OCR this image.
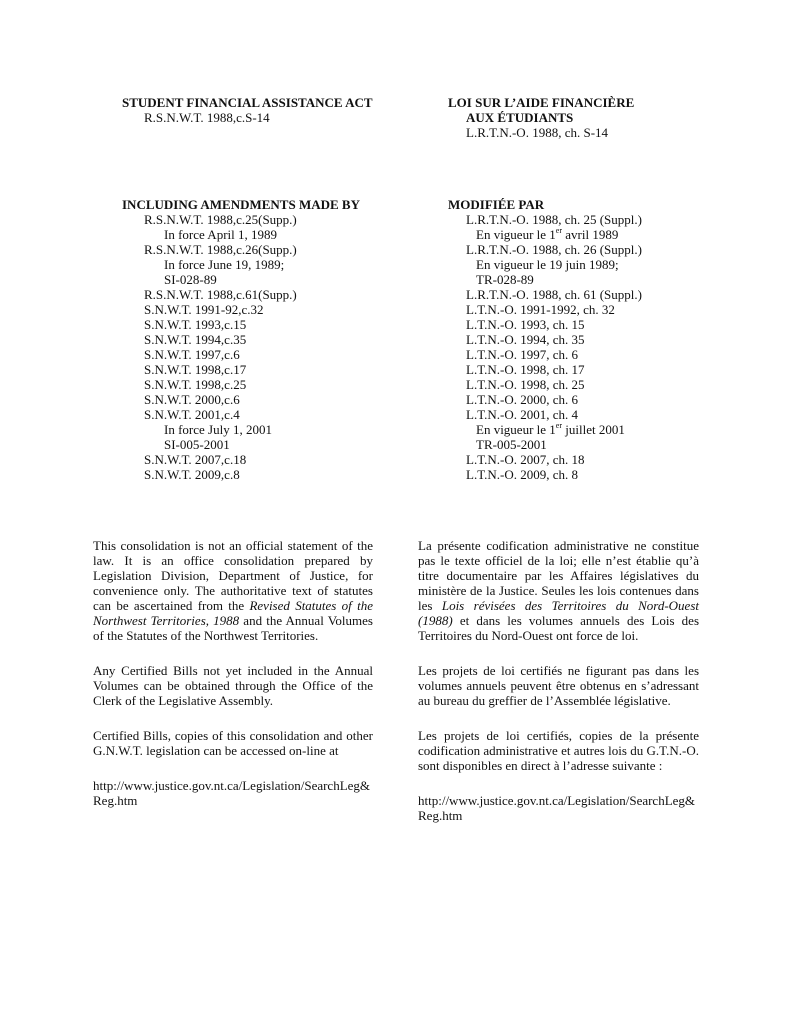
STUDENT FINANCIAL ASSISTANCE ACT
R.S.N.W.T. 1988,c.S-14
LOI SUR L’AIDE FINANCIÈRE
AUX ÉTUDIANTS
L.R.T.N.-O. 1988, ch. S-14
INCLUDING AMENDMENTS MADE BY
R.S.N.W.T. 1988,c.25(Supp.)
In force April 1, 1989
R.S.N.W.T. 1988,c.26(Supp.)
In force June 19, 1989;
SI-028-89
R.S.N.W.T. 1988,c.61(Supp.)
S.N.W.T. 1991-92,c.32
S.N.W.T. 1993,c.15
S.N.W.T. 1994,c.35
S.N.W.T. 1997,c.6
S.N.W.T. 1998,c.17
S.N.W.T. 1998,c.25
S.N.W.T. 2000,c.6
S.N.W.T. 2001,c.4
In force July 1, 2001
SI-005-2001
S.N.W.T. 2007,c.18
S.N.W.T. 2009,c.8
MODIFIÉE PAR
L.R.T.N.-O. 1988, ch. 25 (Suppl.)
En vigueur le 1er avril 1989
L.R.T.N.-O. 1988, ch. 26 (Suppl.)
En vigueur le 19 juin 1989;
TR-028-89
L.R.T.N.-O. 1988, ch. 61 (Suppl.)
L.T.N.-O. 1991-1992, ch. 32
L.T.N.-O. 1993, ch. 15
L.T.N.-O. 1994, ch. 35
L.T.N.-O. 1997, ch. 6
L.T.N.-O. 1998, ch. 17
L.T.N.-O. 1998, ch. 25
L.T.N.-O. 2000, ch. 6
L.T.N.-O. 2001, ch. 4
En vigueur le 1er juillet 2001
TR-005-2001
L.T.N.-O. 2007, ch. 18
L.T.N.-O. 2009, ch. 8

This consolidation is not an official statement of the law. It is an office consolidation prepared by Legislation Division, Department of Justice, for convenience only. The authoritative text of statutes can be ascertained from the Revised Statutes of the Northwest Territories, 1988 and the Annual Volumes of the Statutes of the Northwest Territories.

Any Certified Bills not yet included in the Annual Volumes can be obtained through the Office of the Clerk of the Legislative Assembly.

Certified Bills, copies of this consolidation and other G.N.W.T. legislation can be accessed on-line at

http://www.justice.gov.nt.ca/Legislation/SearchLeg&
Reg.htm

La présente codification administrative ne constitue pas le texte officiel de la loi; elle n’est établie qu’à titre documentaire par les Affaires législatives du ministère de la Justice. Seules les lois contenues dans les Lois révisées des Territoires du Nord-Ouest (1988) et dans les volumes annuels des Lois des Territoires du Nord-Ouest ont force de loi.

Les projets de loi certifiés ne figurant pas dans les volumes annuels peuvent être obtenus en s’adressant au bureau du greffier de l’Assemblée législative.

Les projets de loi certifiés, copies de la présente codification administrative et autres lois du G.T.N.-O. sont disponibles en direct à l’adresse suivante :

http://www.justice.gov.nt.ca/Legislation/SearchLeg&
Reg.htm
